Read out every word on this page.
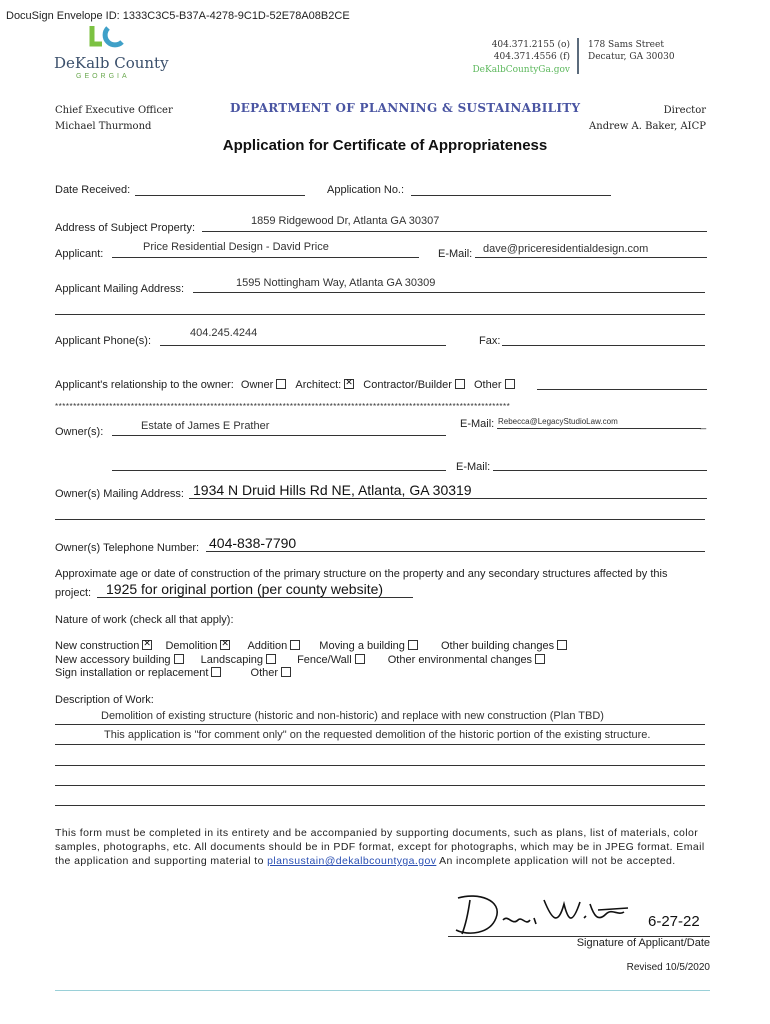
DocuSign Envelope ID: 1333C3C5-B37A-4278-9C1D-52E78A08B2CE
DeKalb County
GEORGIA
404.371.2155 (o)
404.371.4556 (f)
DeKalbCountyGa.gov
178 Sams Street
Decatur, GA 30030
Chief Executive Officer
Michael Thurmond
DEPARTMENT OF PLANNING & SUSTAINABILITY	Director
Andrew A. Baker, AICP
Application for Certificate of Appropriateness
Date Received:	Application No.:
Address of Subject Property:
1859 Ridgewood Dr, Atlanta GA 30307
Applicant:
Price Residential Design - David Price
E-Mail: dave@priceresidentialdesign.com
Applicant Mailing Address:	1595 Nottingham Way, Atlanta GA 30309
Applicant Phone(s):
404.245.4244
Fax:
Applicant's relationship to the owner: Owner Architect: ✕ Contractor/Builder Other
******************************************************************************************************************************
Owner(s):	Estate of James E Prather	E-Mail: Rebecca@LegacyStudioLaw.com	_
E-Mail:
Owner(s) Mailing Address: 1934 N Druid Hills Rd NE, Atlanta, GA 30319
Owner(s) Telephone Number: 404-838-7790
Approximate age or date of construction of the primary structure on the property and any secondary structures affected by this
project: 1925 for original portion (per county website)
Nature of work (check all that apply):
New construction ✕ Demolition ✕	Addition	Moving a building	Other building changes
New accessory building	Landscaping	Fence/Wall	Other environmental changes
Sign installation or replacement	Other
Description of Work:
Demolition of existing structure (historic and non-historic) and replace with new construction (Plan TBD)
This application is "for comment only" on the requested demolition of the historic portion of the existing structure.
This form must be completed in its entirety and be accompanied by supporting documents, such as plans, list of materials, color samples, photographs, etc. All documents should be in PDF format, except for photographs, which may be in JPEG format. Email the application and supporting material to plansustain@dekalbcountyga.gov An incomplete application will not be accepted.
6-27-22
Signature of Applicant/Date
Revised 10/5/2020
